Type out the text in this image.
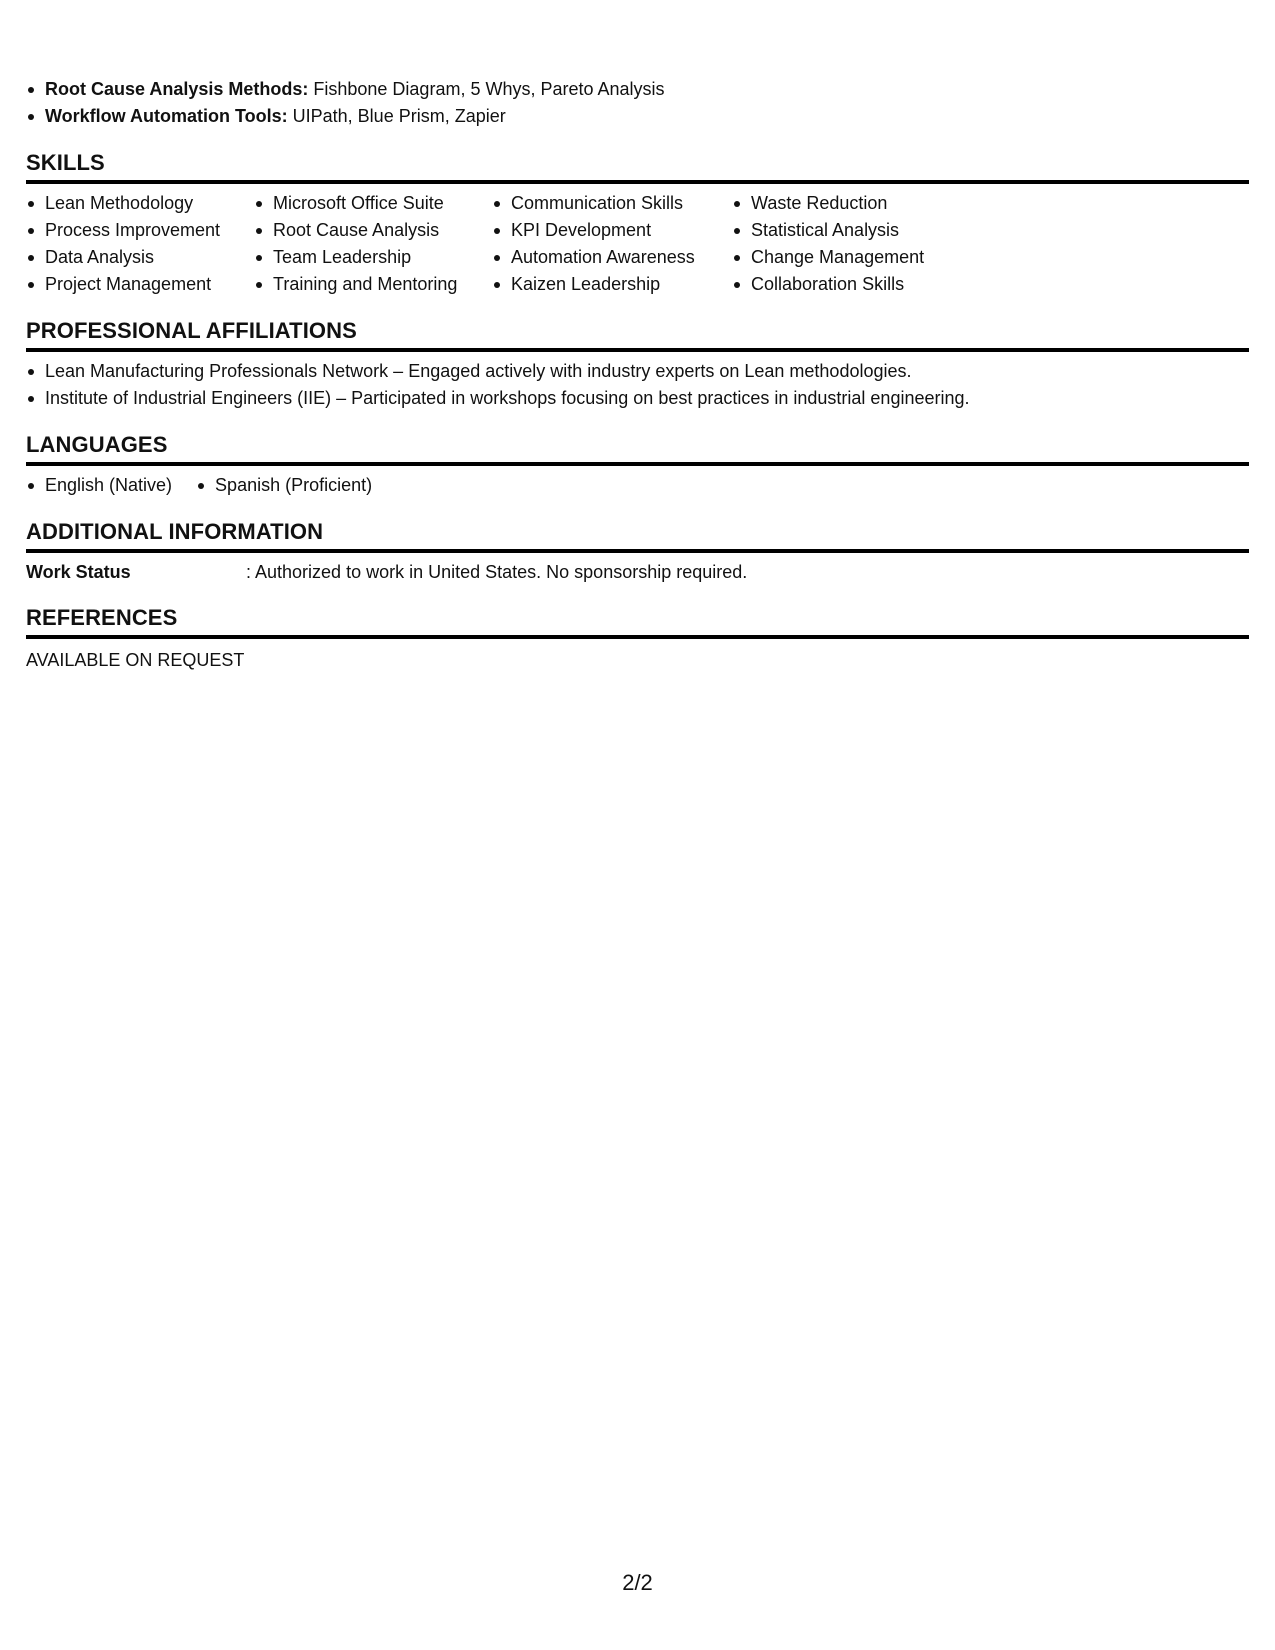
Root Cause Analysis Methods: Fishbone Diagram, 5 Whys, Pareto Analysis
Workflow Automation Tools: UIPath, Blue Prism, Zapier
SKILLS
Lean Methodology
Process Improvement
Data Analysis
Project Management
Microsoft Office Suite
Root Cause Analysis
Team Leadership
Training and Mentoring
Communication Skills
KPI Development
Automation Awareness
Kaizen Leadership
Waste Reduction
Statistical Analysis
Change Management
Collaboration Skills
PROFESSIONAL AFFILIATIONS
Lean Manufacturing Professionals Network – Engaged actively with industry experts on Lean methodologies.
Institute of Industrial Engineers (IIE) – Participated in workshops focusing on best practices in industrial engineering.
LANGUAGES
English (Native)	Spanish (Proficient)
ADDITIONAL INFORMATION
Work Status	: Authorized to work in United States. No sponsorship required.
REFERENCES
AVAILABLE ON REQUEST
2/2
